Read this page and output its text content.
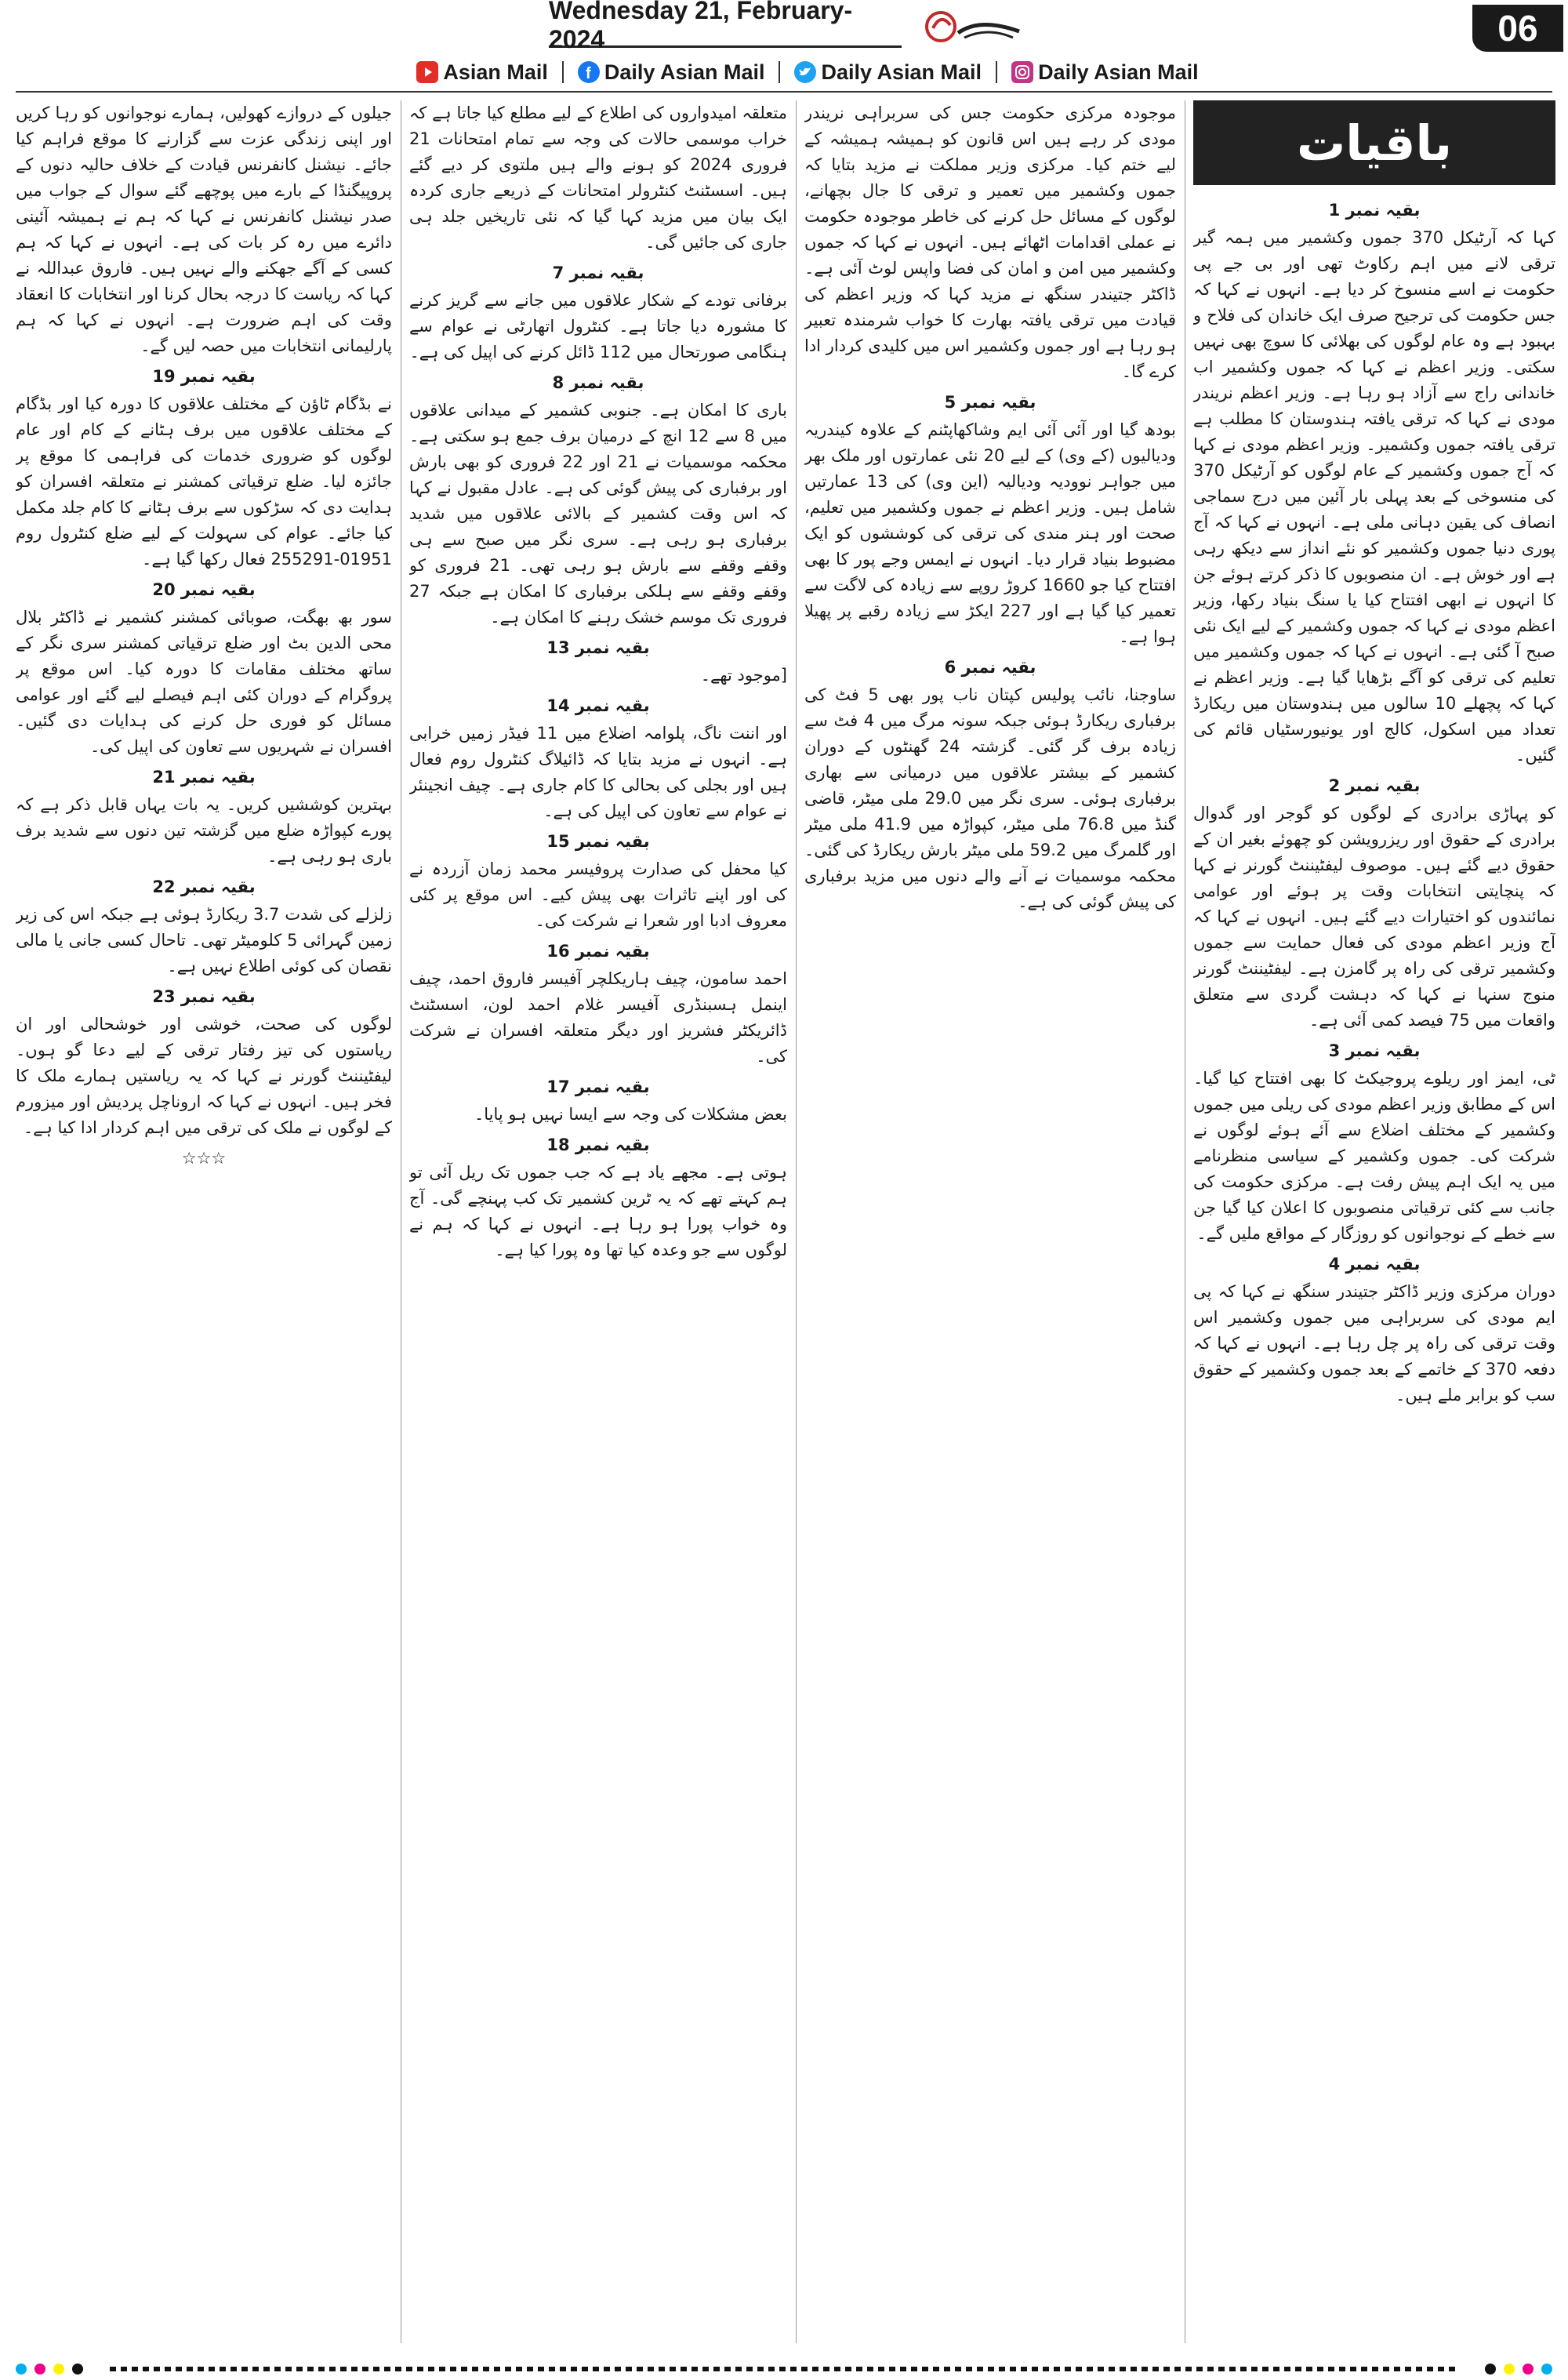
Wednesday 21, February-2024	06
Asian Mail f Daily Asian Mail	Daily Asian Mail	Daily Asian Mail
باقیات
بقیہ نمبر 1

کہا کہ آرٹیکل 370 جموں وکشمیر میں ہمہ گیر ترقی لانے میں اہم رکاوٹ تھی اور بی جے پی حکومت نے اسے منسوخ کر دیا ہے۔ انہوں نے کہا کہ جس حکومت کی ترجیح صرف ایک خاندان کی فلاح و بہبود ہے وہ عام لوگوں کی بھلائی کا سوچ بھی نہیں سکتی۔ وزیر اعظم نے کہا کہ جموں وکشمیر اب خاندانی راج سے آزاد ہو رہا ہے۔ وزیر اعظم نریندر مودی نے کہا کہ ترقی یافتہ ہندوستان کا مطلب ہے ترقی یافتہ جموں وکشمیر۔ وزیر اعظم مودی نے کہا کہ آج جموں وکشمیر کے عام لوگوں کو آرٹیکل 370 کی منسوخی کے بعد پہلی بار آئین میں درج سماجی انصاف کی یقین دہانی ملی ہے۔ انہوں نے کہا کہ آج پوری دنیا جموں وکشمیر کو نئے انداز سے دیکھ رہی ہے اور خوش ہے۔ ان منصوبوں کا ذکر کرتے ہوئے جن کا انہوں نے ابھی افتتاح کیا یا سنگ بنیاد رکھا، وزیر اعظم مودی نے کہا کہ جموں وکشمیر کے لیے ایک نئی صبح آ گئی ہے۔ انہوں نے کہا کہ جموں وکشمیر میں تعلیم کی ترقی کو آگے بڑھایا گیا ہے۔ وزیر اعظم نے کہا کہ پچھلے 10 سالوں میں ہندوستان میں ریکارڈ تعداد میں اسکول، کالج اور یونیورسٹیاں قائم کی گئیں۔

بقیہ نمبر 2

کو پہاڑی برادری کے لوگوں کو گوجر اور گدوال برادری کے حقوق اور ریزرویشن کو چھوئے بغیر ان کے حقوق دیے گئے ہیں۔ موصوف لیفٹیننٹ گورنر نے کہا کہ پنچایتی انتخابات وقت پر ہوئے اور عوامی نمائندوں کو اختیارات دیے گئے ہیں۔ انہوں نے کہا کہ آج وزیر اعظم مودی کی فعال حمایت سے جموں وکشمیر ترقی کی راہ پر گامزن ہے۔ لیفٹیننٹ گورنر منوج سنہا نے کہا کہ دہشت گردی سے متعلق واقعات میں 75 فیصد کمی آئی ہے۔

بقیہ نمبر 3

ٹی، ایمز اور ریلوے پروجیکٹ کا بھی افتتاح کیا گیا۔ اس کے مطابق وزیر اعظم مودی کی ریلی میں جموں وکشمیر کے مختلف اضلاع سے آئے ہوئے لوگوں نے شرکت کی۔ جموں وکشمیر کے سیاسی منظرنامے میں یہ ایک اہم پیش رفت ہے۔ مرکزی حکومت کی جانب سے کئی ترقیاتی منصوبوں کا اعلان کیا گیا جن سے خطے کے نوجوانوں کو روزگار کے مواقع ملیں گے۔

بقیہ نمبر 4

دوران مرکزی وزیر ڈاکٹر جتیندر سنگھ نے کہا کہ پی ایم مودی کی سربراہی میں جموں وکشمیر اس وقت ترقی کی راہ پر چل رہا ہے۔ انہوں نے کہا کہ دفعہ 370 کے خاتمے کے بعد جموں وکشمیر کے حقوق سب کو برابر ملے ہیں۔

موجودہ مرکزی حکومت جس کی سربراہی نریندر مودی کر رہے ہیں اس قانون کو ہمیشہ ہمیشہ کے لیے ختم کیا۔ مرکزی وزیر مملکت نے مزید بتایا کہ جموں وکشمیر میں تعمیر و ترقی کا جال بچھانے، لوگوں کے مسائل حل کرنے کی خاطر موجودہ حکومت نے عملی اقدامات اٹھائے ہیں۔ انہوں نے کہا کہ جموں وکشمیر میں امن و امان کی فضا واپس لوٹ آئی ہے۔ ڈاکٹر جتیندر سنگھ نے مزید کہا کہ وزیر اعظم کی قیادت میں ترقی یافتہ بھارت کا خواب شرمندہ تعبیر ہو رہا ہے اور جموں وکشمیر اس میں کلیدی کردار ادا کرے گا۔

بقیہ نمبر 5

بودھ گیا اور آئی آئی ایم وشاکھاپٹنم کے علاوہ کیندریہ ودیالیوں (کے وی) کے لیے 20 نئی عمارتوں اور ملک بھر میں جواہر نوودیہ ودیالیہ (این وی) کی 13 عمارتیں شامل ہیں۔ وزیر اعظم نے جموں وکشمیر میں تعلیم، صحت اور ہنر مندی کی ترقی کی کوششوں کو ایک مضبوط بنیاد قرار دیا۔ انہوں نے ایمس وجے پور کا بھی افتتاح کیا جو 1660 کروڑ روپے سے زیادہ کی لاگت سے تعمیر کیا گیا ہے اور 227 ایکڑ سے زیادہ رقبے پر پھیلا ہوا ہے۔

بقیہ نمبر 6

ساوجنا، نائب پولیس کپتان ناب پور بھی 5 فٹ کی برفباری ریکارڈ ہوئی جبکہ سونہ مرگ میں 4 فٹ سے زیادہ برف گر گئی۔ گزشتہ 24 گھنٹوں کے دوران کشمیر کے بیشتر علاقوں میں درمیانی سے بھاری برفباری ہوئی۔ سری نگر میں 29.0 ملی میٹر، قاضی گنڈ میں 76.8 ملی میٹر، کپواڑہ میں 41.9 ملی میٹر اور گلمرگ میں 59.2 ملی میٹر بارش ریکارڈ کی گئی۔ محکمہ موسمیات نے آنے والے دنوں میں مزید برفباری کی پیش گوئی کی ہے۔

متعلقہ امیدواروں کی اطلاع کے لیے مطلع کیا جاتا ہے کہ خراب موسمی حالات کی وجہ سے تمام امتحانات 21 فروری 2024 کو ہونے والے ہیں ملتوی کر دیے گئے ہیں۔ اسسٹنٹ کنٹرولر امتحانات کے ذریعے جاری کردہ ایک بیان میں مزید کہا گیا کہ نئی تاریخیں جلد ہی جاری کی جائیں گی۔

بقیہ نمبر 7

برفانی تودے کے شکار علاقوں میں جانے سے گریز کرنے کا مشورہ دیا جاتا ہے۔ کنٹرول اتھارٹی نے عوام سے ہنگامی صورتحال میں 112 ڈائل کرنے کی اپیل کی ہے۔

بقیہ نمبر 8

باری کا امکان ہے۔ جنوبی کشمیر کے میدانی علاقوں میں 8 سے 12 انچ کے درمیان برف جمع ہو سکتی ہے۔ محکمہ موسمیات نے 21 اور 22 فروری کو بھی بارش اور برفباری کی پیش گوئی کی ہے۔ عادل مقبول نے کہا کہ اس وقت کشمیر کے بالائی علاقوں میں شدید برفباری ہو رہی ہے۔ سری نگر میں صبح سے ہی وقفے وقفے سے بارش ہو رہی تھی۔ 21 فروری کو وقفے وقفے سے ہلکی برفباری کا امکان ہے جبکہ 27 فروری تک موسم خشک رہنے کا امکان ہے۔

بقیہ نمبر 13

[موجود تھے۔

بقیہ نمبر 14

اور اننت ناگ، پلوامہ اضلاع میں 11 فیڈر زمیں خرابی ہے۔ انہوں نے مزید بتایا کہ ڈائیلاگ کنٹرول روم فعال ہیں اور بجلی کی بحالی کا کام جاری ہے۔ چیف انجینئر نے عوام سے تعاون کی اپیل کی ہے۔

بقیہ نمبر 15

کیا محفل کی صدارت پروفیسر محمد زمان آزردہ نے کی اور اپنے تاثرات بھی پیش کیے۔ اس موقع پر کئی معروف ادبا اور شعرا نے شرکت کی۔

بقیہ نمبر 16

احمد سامون، چیف ہاریکلچر آفیسر فاروق احمد، چیف اینمل ہسبنڈری آفیسر غلام احمد لون، اسسٹنٹ ڈائریکٹر فشریز اور دیگر متعلقہ افسران نے شرکت کی۔

بقیہ نمبر 17

بعض مشکلات کی وجہ سے ایسا نہیں ہو پایا۔

بقیہ نمبر 18

ہوتی ہے۔ مجھے یاد ہے کہ جب جموں تک ریل آئی تو ہم کہتے تھے کہ یہ ٹرین کشمیر تک کب پہنچے گی۔ آج وہ خواب پورا ہو رہا ہے۔ انہوں نے کہا کہ ہم نے لوگوں سے جو وعدہ کیا تھا وہ پورا کیا ہے۔

جیلوں کے دروازے کھولیں، ہمارے نوجوانوں کو رہا کریں اور اپنی زندگی عزت سے گزارنے کا موقع فراہم کیا جائے۔ نیشنل کانفرنس قیادت کے خلاف حالیہ دنوں کے پروپیگنڈا کے بارے میں پوچھے گئے سوال کے جواب میں صدر نیشنل کانفرنس نے کہا کہ ہم نے ہمیشہ آئینی دائرے میں رہ کر بات کی ہے۔ انہوں نے کہا کہ ہم کسی کے آگے جھکنے والے نہیں ہیں۔ فاروق عبداللہ نے کہا کہ ریاست کا درجہ بحال کرنا اور انتخابات کا انعقاد وقت کی اہم ضرورت ہے۔ انہوں نے کہا کہ ہم پارلیمانی انتخابات میں حصہ لیں گے۔

بقیہ نمبر 19

نے بڈگام ٹاؤن کے مختلف علاقوں کا دورہ کیا اور بڈگام کے مختلف علاقوں میں برف ہٹانے کے کام اور عام لوگوں کو ضروری خدمات کی فراہمی کا موقع پر جائزہ لیا۔ ضلع ترقیاتی کمشنر نے متعلقہ افسران کو ہدایت دی کہ سڑکوں سے برف ہٹانے کا کام جلد مکمل کیا جائے۔ عوام کی سہولت کے لیے ضلع کنٹرول روم 01951-255291 فعال رکھا گیا ہے۔

بقیہ نمبر 20

سور بھ بھگت، صوبائی کمشنر کشمیر نے ڈاکٹر بلال محی الدین بٹ اور ضلع ترقیاتی کمشنر سری نگر کے ساتھ مختلف مقامات کا دورہ کیا۔ اس موقع پر پروگرام کے دوران کئی اہم فیصلے لیے گئے اور عوامی مسائل کو فوری حل کرنے کی ہدایات دی گئیں۔ افسران نے شہریوں سے تعاون کی اپیل کی۔

بقیہ نمبر 21

بہترین کوششیں کریں۔ یہ بات یہاں قابل ذکر ہے کہ پورے کپواڑہ ضلع میں گزشتہ تین دنوں سے شدید برف باری ہو رہی ہے۔

بقیہ نمبر 22

زلزلے کی شدت 3.7 ریکارڈ ہوئی ہے جبکہ اس کی زیر زمین گہرائی 5 کلومیٹر تھی۔ تاحال کسی جانی یا مالی نقصان کی کوئی اطلاع نہیں ہے۔

بقیہ نمبر 23

لوگوں کی صحت، خوشی اور خوشحالی اور ان ریاستوں کی تیز رفتار ترقی کے لیے دعا گو ہوں۔ لیفٹیننٹ گورنر نے کہا کہ یہ ریاستیں ہمارے ملک کا فخر ہیں۔ انہوں نے کہا کہ اروناچل پردیش اور میزورم کے لوگوں نے ملک کی ترقی میں اہم کردار ادا کیا ہے۔

☆☆☆
